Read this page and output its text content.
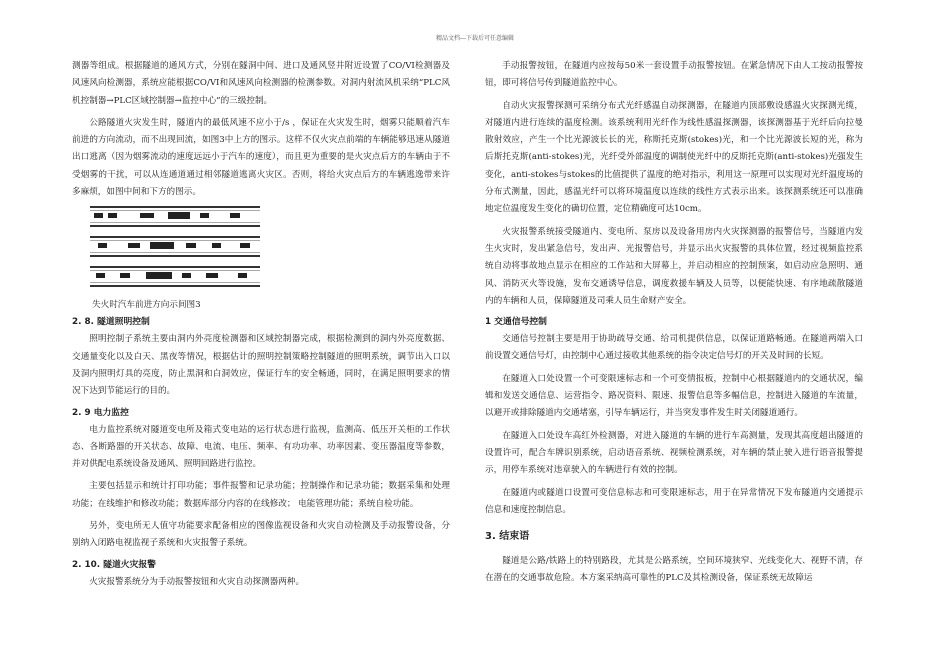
精品文档---下载后可任意编辑

测器等组成。根据隧道的通风方式，分别在隧洞中间、进口及通风竖井附近设置了CO/VI检测器及风速风向检测器，系统应能根据CO/VI和风速风向检测器的检测参数。对洞内射流风机采纳“PLC风机控制器→PLC区域控制器→监控中心”的三级控制。

公路隧道火灾发生时，隧道内的最低风速不应小于/s ，保证在火灾发生时，烟雾只能顺着汽车前进的方向流动，而不出现回流，如图3中上方的图示。这样不仅火灾点前端的车辆能够迅速从隧道出口逃离（因为烟雾流动的速度远远小于汽车的速度），而且更为重要的是火灾点后方的车辆由于不受烟雾的干扰，可以从连通道通过相邻隧道逃离火灾区。否则，将给火灾点后方的车辆逃逸带来许多麻烦，如图中间和下方的图示。

失火时汽车前进方向示间图3
2. 8. 隧道照明控制

照明控制子系统主要由洞内外亮度检测器和区域控制器完成，根据检测到的洞内外亮度数据、交通量变化以及白天、黑夜等情况，根据估计的照明控制策略控制隧道的照明系统，调节出入口以及洞内照明灯具的亮度，防止黑洞和白洞效应，保证行车的安全畅通，同时，在满足照明要求的情况下达到节能运行的目的。

2. 9 电力监控

电力监控系统对隧道变电所及箱式变电站的运行状态进行监视，监测高、低压开关柜的工作状态、各断路器的开关状态、故障、电流、电压、频率、有功功率、功率因素、变压器温度等参数，并对供配电系统设备及通风、照明回路进行监控。

主要包括显示和统计打印功能；事件报警和记录功能；控制操作和记录功能；数据采集和处理功能；在线维护和修改功能；数据库部分内容的在线修改； 电能管理功能；系统自检功能。

另外，变电所无人值守功能要求配备相应的图像监视设备和火灾自动检测及手动报警设备，分别纳入闭路电视监视子系统和火灾报警子系统。

2. 10. 隧道火灾报警

火灾报警系统分为手动报警按钮和火灾自动探测器两种。

手动报警按钮，在隧道内应按每50米一套设置手动报警按钮。在紧急情况下由人工按动报警按钮，即可将信号传到隧道监控中心。

自动火灾报警探测可采纳分布式光纤感温自动探测器，在隧道内顶部敷设感温火灾探测光缆，对隧道内进行连续的温度检测。该系统利用光纤作为线性感温探测器，该探测器基于光纤后向拉曼散射效应，产生一个比光源波长长的光，称斯托克斯(stokes)光，和一个比光源波长短的光，称为后斯托克斯(anti-stokes)光，光纤受外部温度的调制使光纤中的反斯托克斯(anti-stokes)光强发生变化，anti-stokes与stokes的比值提供了温度的绝对指示，利用这一原理可以实现对光纤温度场的分布式测量，因此，感温光纤可以将环境温度以连续的线性方式表示出来。该探测系统还可以准确地定位温度发生变化的确切位置，定位精确度可达10cm。

火灾报警系统接受隧道内、变电所、泵房以及设备用房内火灾探测器的报警信号，当隧道内发生火灾时，发出紧急信号，发出声、光报警信号，并显示出火灾报警的具体位置，经过视频监控系统自动将事故地点显示在相应的工作站和大屏幕上，并启动相应的控制预案，如启动应急照明、通风、消防灭火等设施，发布交通诱导信息，调度救援车辆及人员等，以便能快速、有序地疏散隧道内的车辆和人员，保障隧道及司乘人员生命财产安全。

1 交通信号控制

交通信号控制主要是用于协助疏导交通、给司机提供信息，以保证道路畅通。在隧道两端入口前设置交通信号灯，由控制中心通过接收其他系统的指令决定信号灯的开关及时间的长短。

在隧道入口处设置一个可变限速标志和一个可变情报板，控制中心根据隧道内的交通状况，编辑和发送交通信息、运营指令、路况资料、限速、报警信息等多幅信息，控制进入隧道的车流量，以避开或排除隧道内交通堵塞，引导车辆运行，并当突发事件发生时关闭隧道通行。

在隧道入口处设车高红外检测器，对进入隧道的车辆的进行车高测量，发现其高度超出隧道的设置许可，配合车牌识别系统，启动语音系统、视频检测系统，对车辆的禁止驶入进行语音报警提示，用停车系统对违章驶入的车辆进行有效的控制。

在隧道内或隧道口设置可变信息标志和可变限速标志，用于在异常情况下发布隧道内交通提示信息和速度控制信息。

3. 结束语

隧道是公路/铁路上的特别路段，尤其是公路系统，空间环境狭窄、光线变化大、视野不清，存在潜在的交通事故危险。本方案采纳高可靠性的PLC及其检测设备，保证系统无故障运
